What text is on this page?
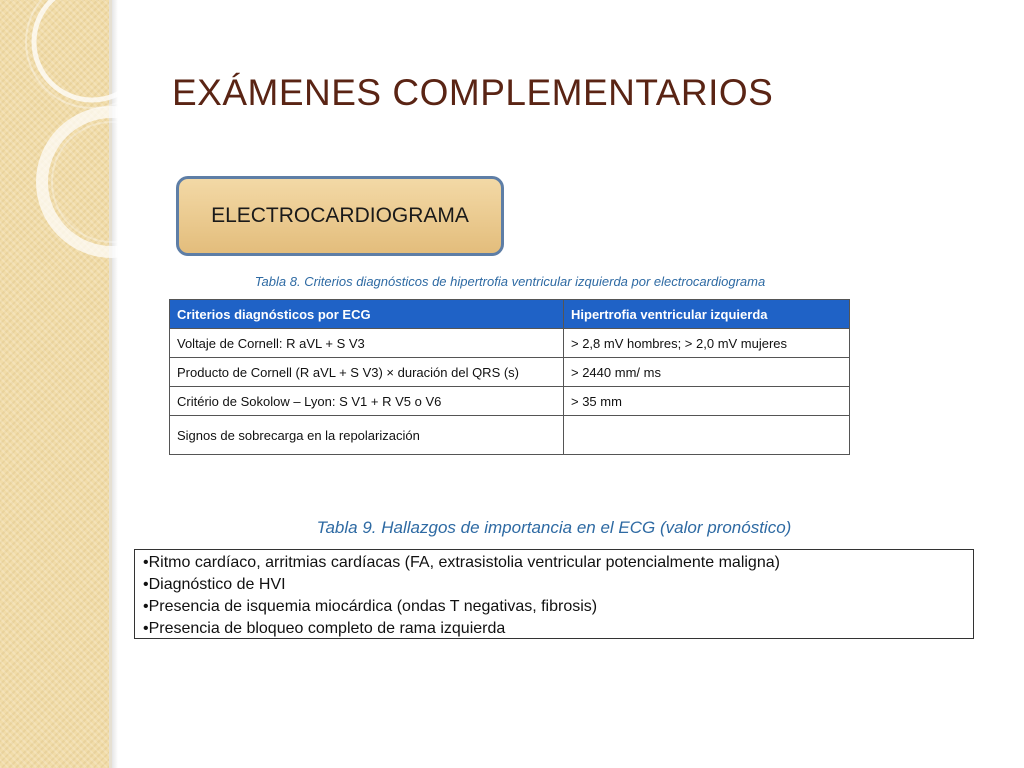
EXÁMENES COMPLEMENTARIOS
ELECTROCARDIOGRAMA
Tabla 8. Criterios diagnósticos de hipertrofia ventricular izquierda por electrocardiograma
Criterios diagnósticos por ECG	Hipertrofia ventricular izquierda
Voltaje de Cornell: R aVL + S V3	> 2,8 mV hombres; > 2,0 mV mujeres
Producto de Cornell (R aVL + S V3) × duración del QRS (s)	> 2440 mm/ ms
Critério de Sokolow – Lyon: S V1 + R V5 o V6	> 35 mm
Signos de sobrecarga en la repolarización	
Tabla 9. Hallazgos de importancia en el ECG (valor pronóstico)
•Ritmo cardíaco, arritmias cardíacas (FA, extrasistolia ventricular potencialmente maligna)
•Diagnóstico de HVI
•Presencia de isquemia miocárdica (ondas T negativas, fibrosis)
•Presencia de bloqueo completo de rama izquierda
